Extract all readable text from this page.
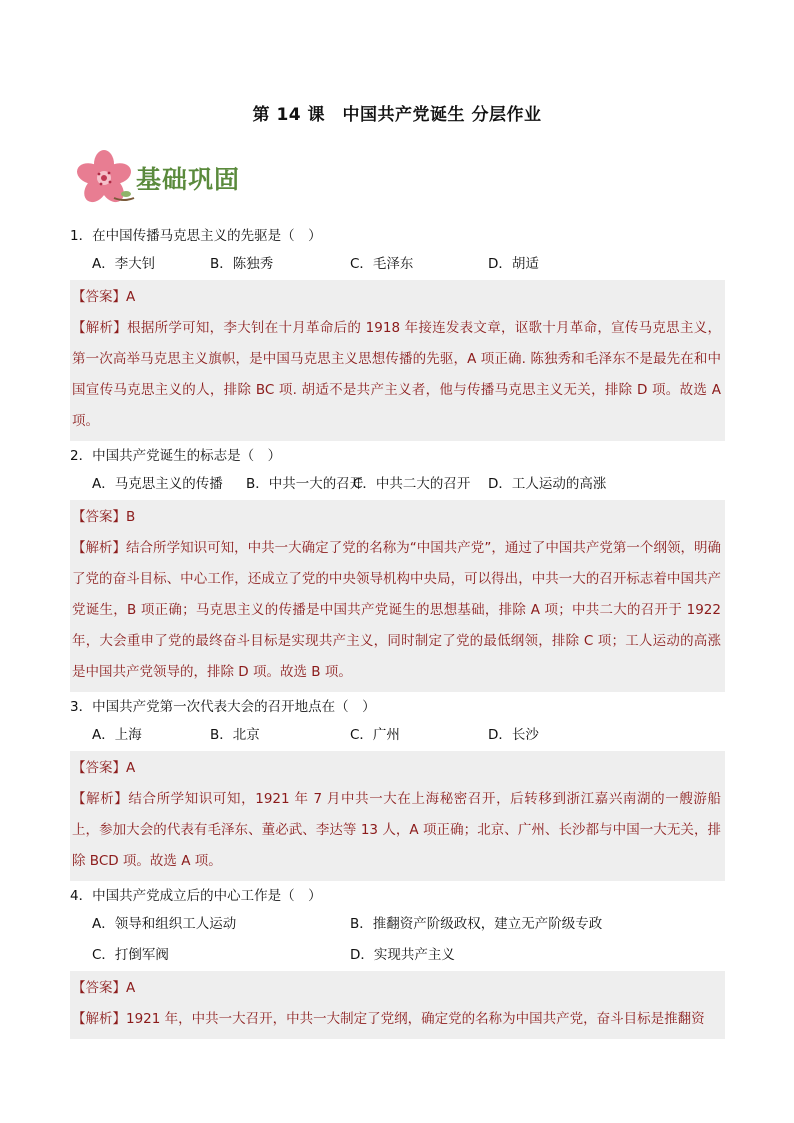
第 14 课　中国共产党诞生 分层作业
基础巩固
1．在中国传播马克思主义的先驱是（　）
A．李大钊	B．陈独秀	C．毛泽东	D．胡适

【答案】A

【解析】根据所学可知，李大钊在十月革命后的 1918 年接连发表文章，讴歌十月革命，宣传马克思主义，第一次高举马克思主义旗帜，是中国马克思主义思想传播的先驱，A 项正确. 陈独秀和毛泽东不是最先在和中国宣传马克思主义的人，排除 BC 项. 胡适不是共产主义者，他与传播马克思主义无关，排除 D 项。故选 A 项。

2．中国共产党诞生的标志是（　）
A．马克思主义的传播 B．中共一大的召开
C．中共二大的召开 D．工人运动的高涨

【答案】B

【解析】结合所学知识可知，中共一大确定了党的名称为“中国共产党”，通过了中国共产党第一个纲领，明确了党的奋斗目标、中心工作，还成立了党的中央领导机构中央局，可以得出，中共一大的召开标志着中国共产党诞生，B 项正确；马克思主义的传播是中国共产党诞生的思想基础，排除 A 项；中共二大的召开于 1922 年，大会重申了党的最终奋斗目标是实现共产主义，同时制定了党的最低纲领，排除 C 项；工人运动的高涨是中国共产党领导的，排除 D 项。故选 B 项。

3．中国共产党第一次代表大会的召开地点在（　）
A．上海	B．北京	C．广州	D．长沙

【答案】A

【解析】结合所学知识可知，1921 年 7 月中共一大在上海秘密召开，后转移到浙江嘉兴南湖的一艘游船上，参加大会的代表有毛泽东、董必武、李达等 13 人，A 项正确；北京、广州、长沙都与中国一大无关，排除 BCD 项。故选 A 项。

4．中国共产党成立后的中心工作是（　）
A．领导和组织工人运动	B．推翻资产阶级政权，建立无产阶级专政
C．打倒军阀	D．实现共产主义

【答案】A

【解析】1921 年，中共一大召开，中共一大制定了党纲，确定党的名称为中国共产党，奋斗目标是推翻资
